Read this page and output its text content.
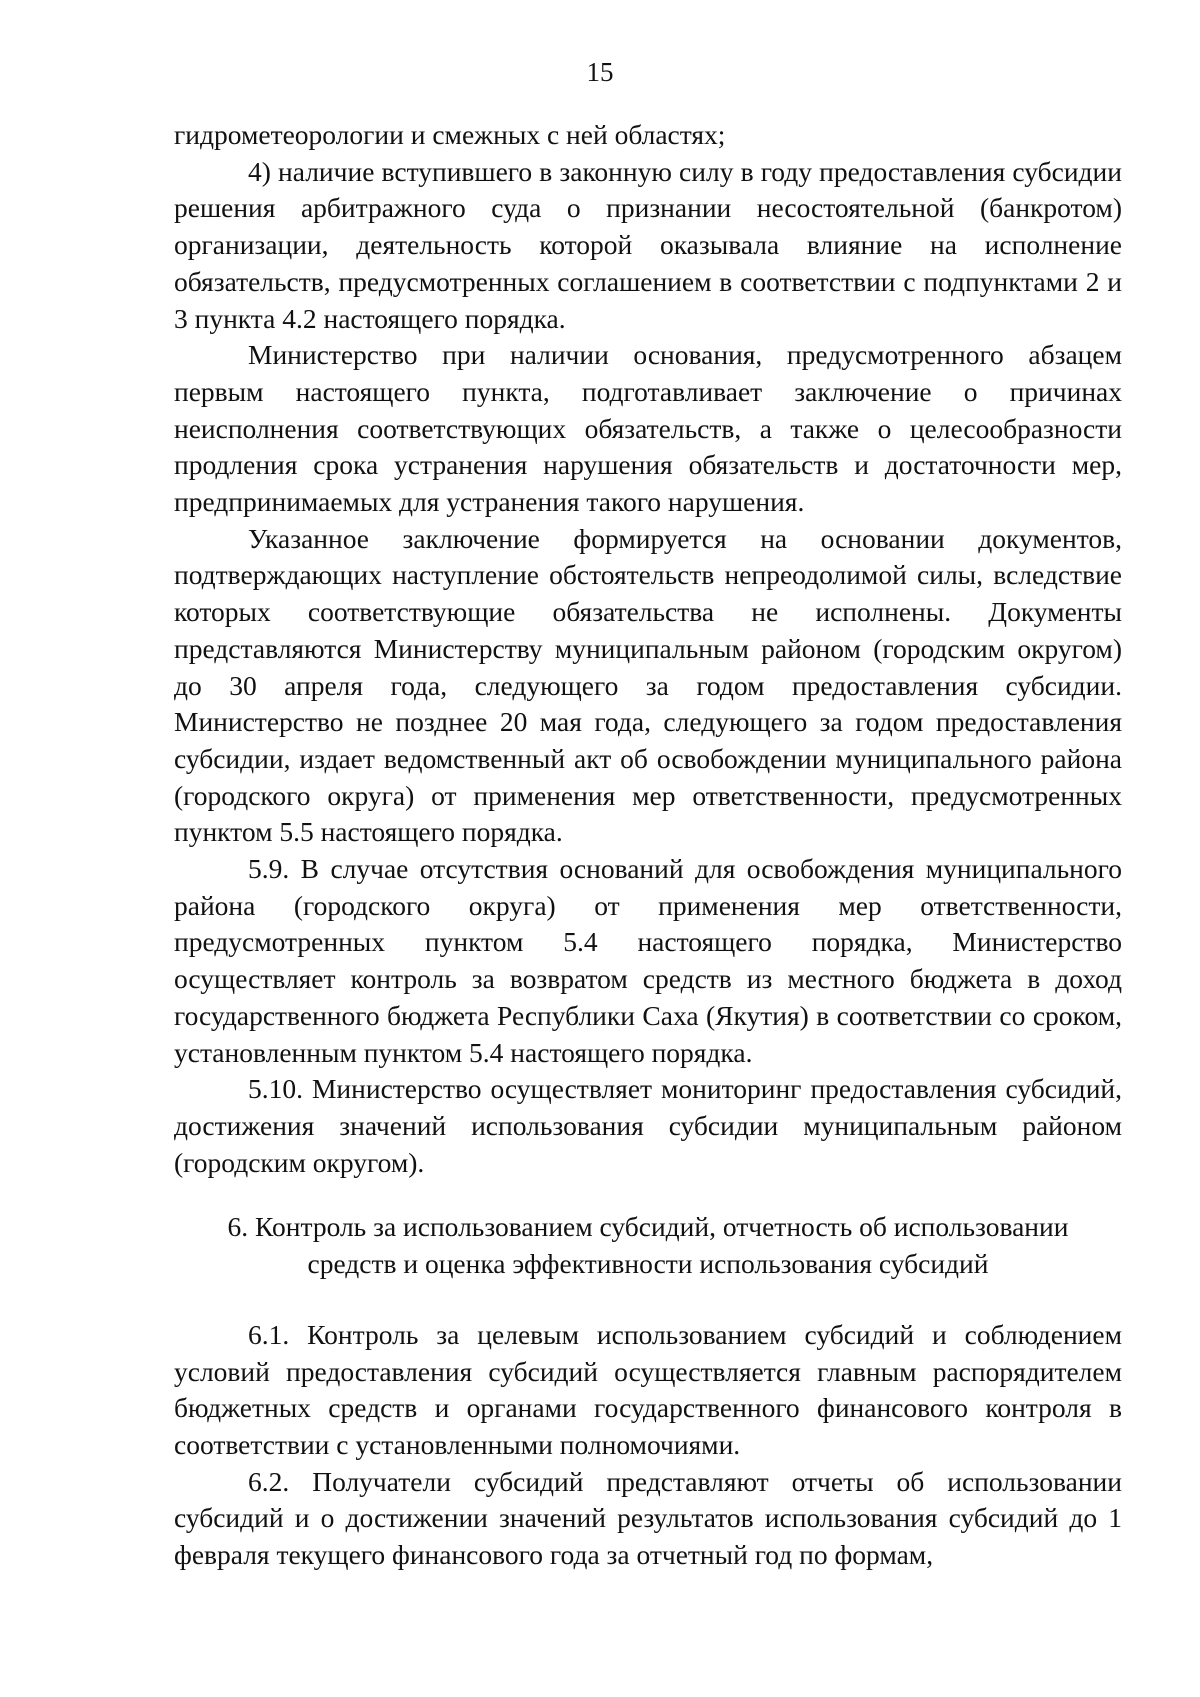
15

гидрометеорологии и смежных с ней областях;

4) наличие вступившего в законную силу в году предоставления субсидии решения арбитражного суда о признании несостоятельной (банкротом) организации, деятельность которой оказывала влияние на исполнение обязательств, предусмотренных соглашением в соответствии с подпунктами 2 и 3 пункта 4.2 настоящего порядка.

Министерство при наличии основания, предусмотренного абзацем первым настоящего пункта, подготавливает заключение о причинах неисполнения соответствующих обязательств, а также о целесообразности продления срока устранения нарушения обязательств и достаточности мер, предпринимаемых для устранения такого нарушения.

Указанное заключение формируется на основании документов, подтверждающих наступление обстоятельств непреодолимой силы, вследствие которых соответствующие обязательства не исполнены. Документы представляются Министерству муниципальным районом (городским округом) до 30 апреля года, следующего за годом предоставления субсидии. Министерство не позднее 20 мая года, следующего за годом предоставления субсидии, издает ведомственный акт об освобождении муниципального района (городского округа) от применения мер ответственности, предусмотренных пунктом 5.5 настоящего порядка.

5.9. В случае отсутствия оснований для освобождения муниципального района (городского округа) от применения мер ответственности, предусмотренных пунктом 5.4 настоящего порядка, Министерство осуществляет контроль за возвратом средств из местного бюджета в доход государственного бюджета Республики Саха (Якутия) в соответствии со сроком, установленным пунктом 5.4 настоящего порядка.

5.10. Министерство осуществляет мониторинг предоставления субсидий, достижения значений использования субсидии муниципальным районом (городским округом).

6. Контроль за использованием субсидий, отчетность об использовании
средств и оценка эффективности использования субсидий

6.1. Контроль за целевым использованием субсидий и соблюдением условий предоставления субсидий осуществляется главным распорядителем бюджетных средств и органами государственного финансового контроля в соответствии с установленными полномочиями.

6.2. Получатели субсидий представляют отчеты об использовании субсидий и о достижении значений результатов использования субсидий до 1 февраля текущего финансового года за отчетный год по формам,
